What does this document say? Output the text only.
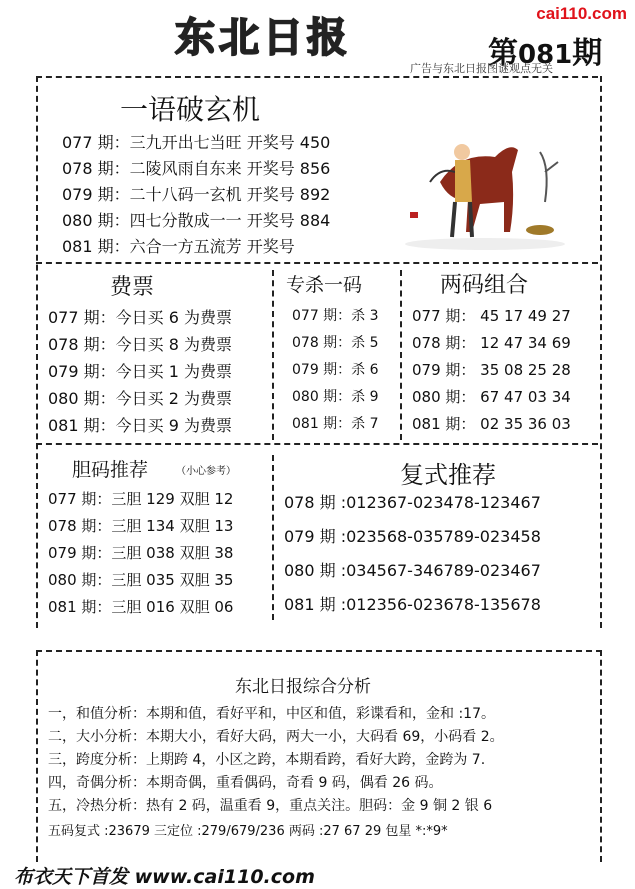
东北日报
cai110.com
第081期
广告与东北日报图谜观点无关
一语破玄机
077 期：三九开出七当旺 开奖号 450
078 期：二陵风雨自东来 开奖号 856
079 期：二十八码一玄机 开奖号 892
080 期：四七分散成一一 开奖号 884
081 期：六合一方五流芳 开奖号
费票
077 期：今日买 6 为费票
078 期：今日买 8 为费票
079 期：今日买 1 为费票
080 期：今日买 2 为费票
081 期：今日买 9 为费票
专杀一码
077 期：杀 3
078 期：杀 5
079 期：杀 6
080 期：杀 9
081 期：杀 7
两码组合
077 期： 45 17 49 27
078 期： 12 47 34 69
079 期： 35 08 25 28
080 期： 67 47 03 34
081 期： 02 35 36 03
胆码推荐	（小心参考）
077 期：三胆 129 双胆 12
078 期：三胆 134 双胆 13
079 期：三胆 038 双胆 38
080 期：三胆 035 双胆 35
081 期：三胆 016 双胆 06
复式推荐
078 期 :012367-023478-123467
079 期 :023568-035789-023458
080 期 :034567-346789-023467
081 期 :012356-023678-135678
东北日报综合分析
一，和值分析：本期和值，看好平和，中区和值，彩谍看和，金和 :17。
二，大小分析：本期大小，看好大码，两大一小，大码看 69，小码看 2。
三，跨度分析：上期跨 4，小区之跨，本期看跨，看好大跨，金跨为 7.
四，奇偶分析：本期奇偶，重看偶码，奇看 9 码，偶看 26 码。
五，冷热分析：热有 2 码，温重看 9，重点关注。胆码：金 9 铜 2 银 6
五码复式 :23679 三定位 :279/679/236 两码 :27 67 29 包星 *:*9*
布衣天下首发 www.cai110.com
